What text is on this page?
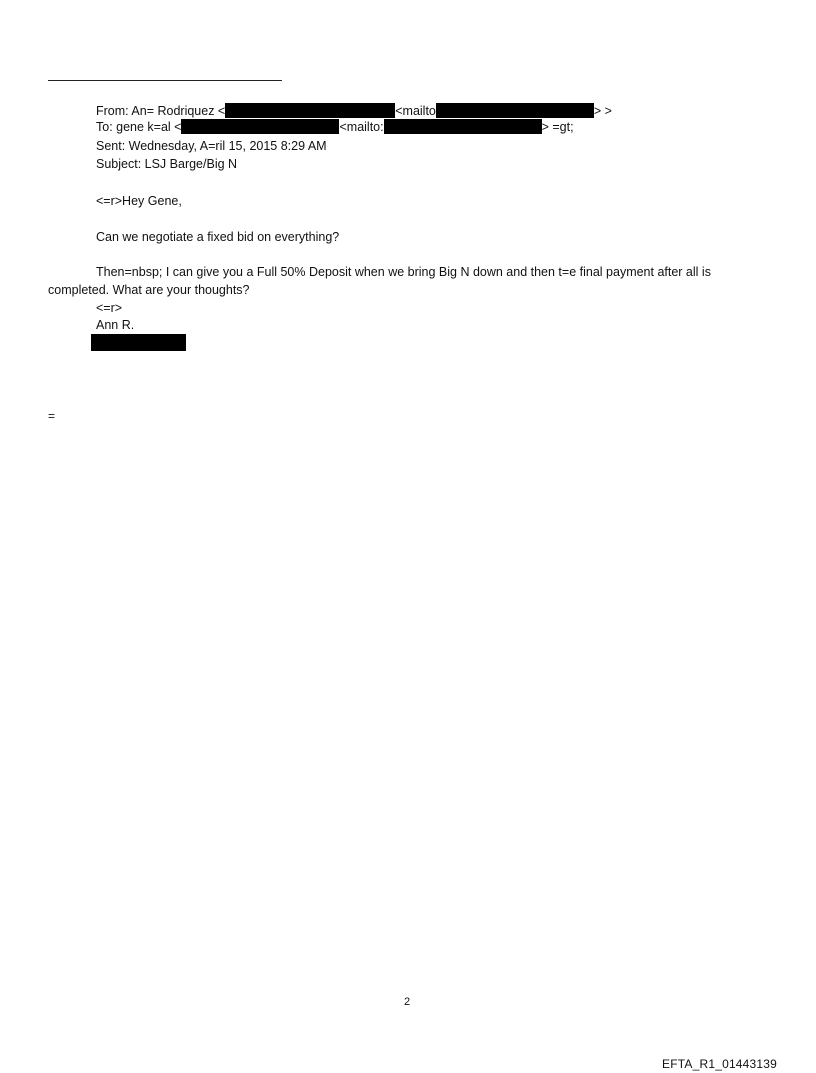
From: An= Rodriquez <	<mailto	> >
To: gene k=al <	<mailto:	> =gt;
Sent: Wednesday, A=ril 15, 2015 8:29 AM
Subject: LSJ Barge/Big N
<=r>Hey Gene,
Can we negotiate a fixed bid on everything?
Then=nbsp; I can give you a Full 50% Deposit when we bring Big N down and then t=e final payment after all is
completed. What are your thoughts?
<=r>
Ann R.
=
2
EFTA_R1_01443139
